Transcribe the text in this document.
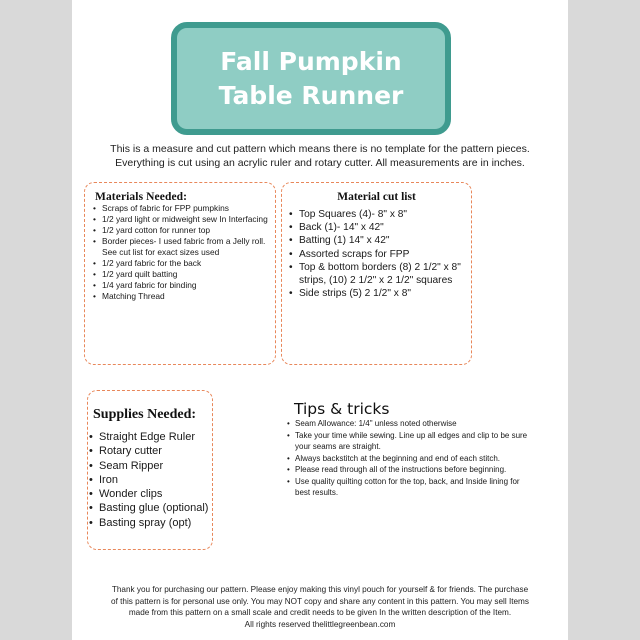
Fall Pumpkin
Table Runner
This is a measure and cut pattern which means there is no template for the pattern pieces.
Everything is cut using an acrylic ruler and rotary cutter. All measurements are in inches.
Materials Needed:
• Scraps of fabric for FPP pumpkins
• 1/2 yard light or midweight sew In Interfacing
• 1/2 yard cotton for runner top
• Border pieces- I used fabric from a Jelly roll. See cut list for exact sizes used
• 1/2 yard fabric for the back
• 1/2 yard quilt batting
• 1/4 yard fabric for binding
• Matching Thread
Material cut list
• Top Squares (4)- 8" x 8"
• Back (1)- 14" x 42"
• Batting (1) 14" x 42"
• Assorted scraps for FPP
• Top & bottom borders (8) 2 1/2" x 8" strips, (10) 2 1/2" x 2 1/2" squares
• Side strips (5) 2 1/2" x 8"
Supplies Needed:
• Straight Edge Ruler
• Rotary cutter
• Seam Ripper
• Iron
• Wonder clips
• Basting glue (optional)
• Basting spray (opt)
Tips & tricks
• Seam Allowance: 1/4" unless noted otherwise
• Take your time while sewing. Line up all edges and clip to be sure your seams are straight.
• Always backstitch at the beginning and end of each stitch.
• Please read through all of the instructions before beginning.
• Use quality quilting cotton for the top, back, and Inside lining for best results.
Thank you for purchasing our pattern. Please enjoy making this vinyl pouch for yourself & for friends. The purchase
of this pattern is for personal use only. You may NOT copy and share any content in this pattern. You may sell Items
made from this pattern on a small scale and credit needs to be given In the written description of the Item.
All rights reserved thelittlegreenbean.com
